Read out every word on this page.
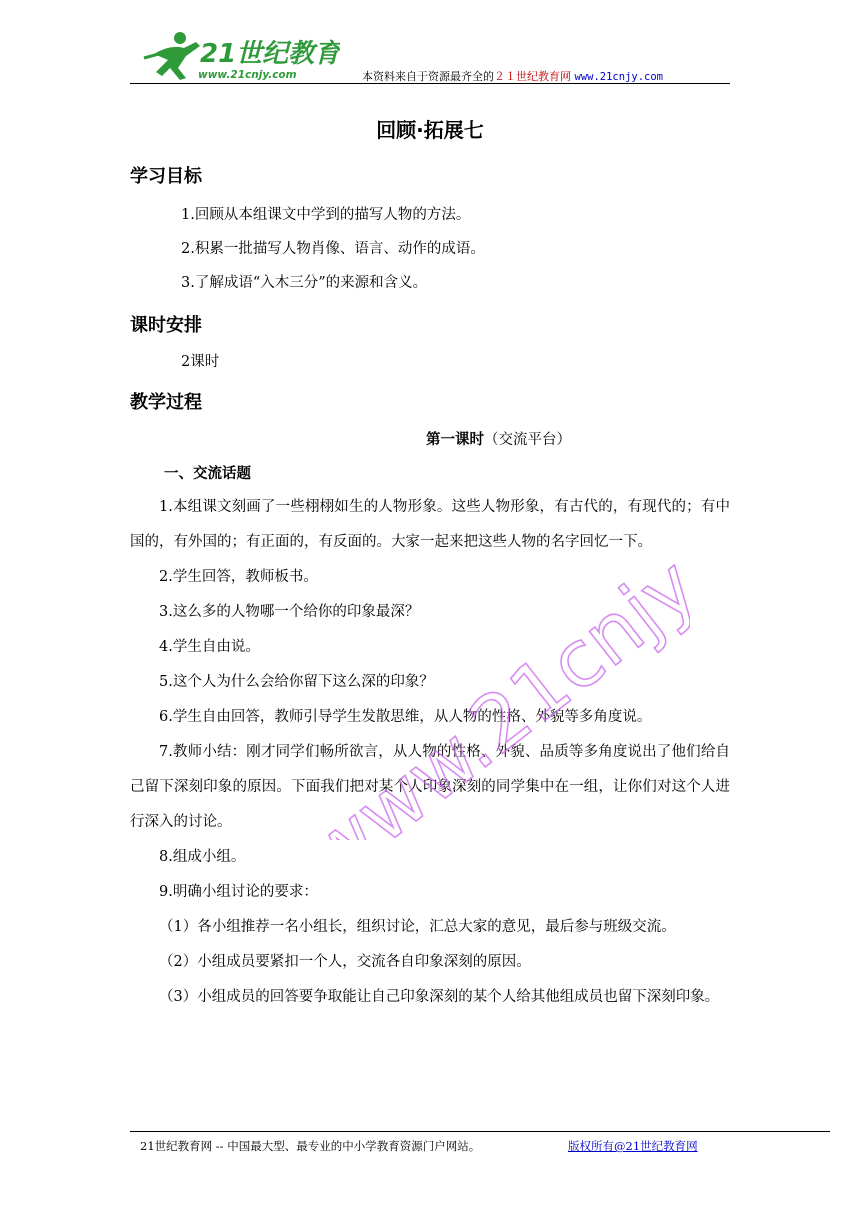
21世纪教育
www.21cnjy.com	本资料来自于资源最齐全的２１世纪教育网 www.21cnjy.com
回顾·拓展七
学习目标
1.回顾从本组课文中学到的描写人物的方法。
2.积累一批描写人物肖像、语言、动作的成语。
3.了解成语“入木三分”的来源和含义。
课时安排
2课时
教学过程
第一课时（交流平台）
一、交流话题

1.本组课文刻画了一些栩栩如生的人物形象。这些人物形象，有古代的，有现代的；有中国的，有外国的；有正面的，有反面的。大家一起来把这些人物的名字回忆一下。

2.学生回答，教师板书。

3.这么多的人物哪一个给你的印象最深？

4.学生自由说。

5.这个人为什么会给你留下这么深的印象？

6.学生自由回答，教师引导学生发散思维，从人物的性格、外貌等多角度说。

7.教师小结：刚才同学们畅所欲言，从人物的性格、外貌、品质等多角度说出了他们给自己留下深刻印象的原因。下面我们把对某个人印象深刻的同学集中在一组，让你们对这个人进行深入的讨论。

8.组成小组。

9.明确小组讨论的要求：

（1）各小组推荐一名小组长，组织讨论，汇总大家的意见，最后参与班级交流。

（2）小组成员要紧扣一个人，交流各自印象深刻的原因。

（3）小组成员的回答要争取能让自己印象深刻的某个人给其他组成员也留下深刻印象。

www.21cnjy.com
21世纪教育网 -- 中国最大型、最专业的中小学教育资源门户网站。	版权所有@21世纪教育网
